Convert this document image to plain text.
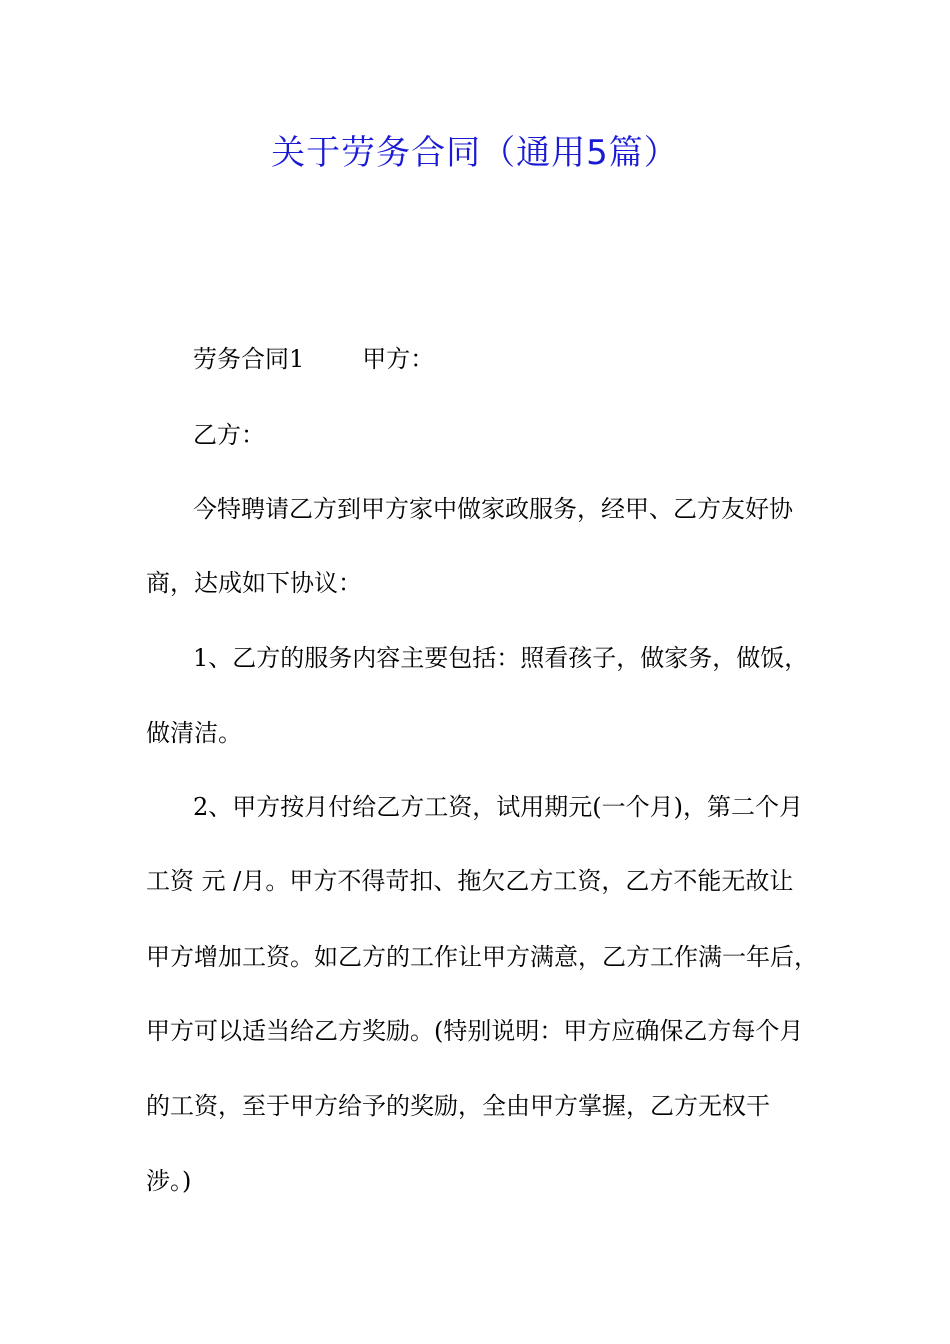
关于劳务合同（通用5篇）
劳务合同1 甲方：
乙方：
今特聘请乙方到甲方家中做家政服务，经甲、乙方友好协
商，达成如下协议：
1、乙方的服务内容主要包括：照看孩子，做家务，做饭，
做清洁。
2、甲方按月付给乙方工资，试用期元(一个月)，第二个月
工资 元 /月。甲方不得苛扣、拖欠乙方工资，乙方不能无故让
甲方增加工资。如乙方的工作让甲方满意，乙方工作满一年后，
甲方可以适当给乙方奖励。(特别说明：甲方应确保乙方每个月
的工资，至于甲方给予的奖励，全由甲方掌握，乙方无权干
涉。)
